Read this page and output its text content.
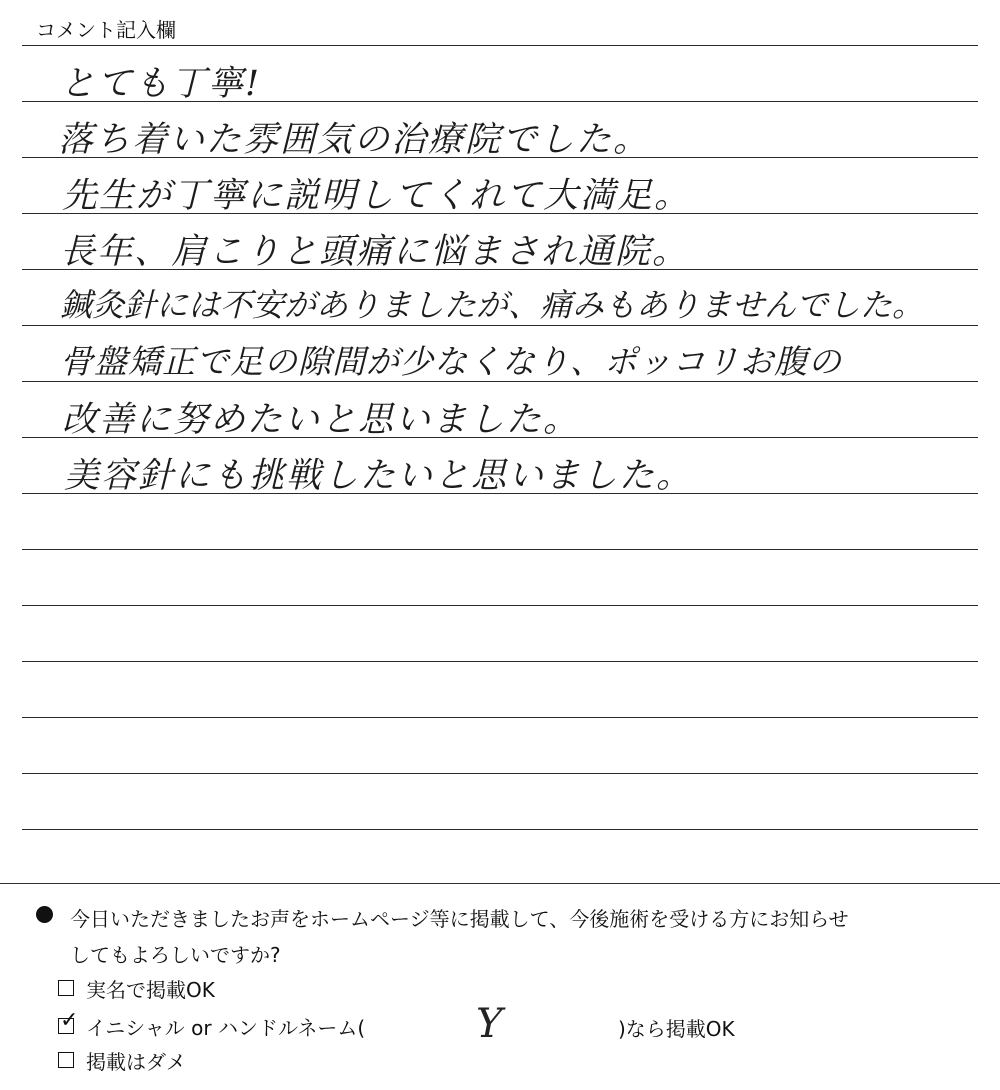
コメント記入欄
とても丁寧!
落ち着いた雰囲気の治療院でした。
先生が丁寧に説明してくれて大満足。
長年、肩こりと頭痛に悩まされ通院。
鍼灸針には不安がありましたが、痛みもありませんでした。
骨盤矯正で足の隙間が少なくなり、ポッコリお腹の
改善に努めたいと思いました。
美容針にも挑戦したいと思いました。
今日いただきましたお声をホームページ等に掲載して、今後施術を受ける方にお知らせ
してもよろしいですか?
実名で掲載OK
✓ イニシャル or ハンドルネーム(	Y	)なら掲載OK
掲載はダメ
